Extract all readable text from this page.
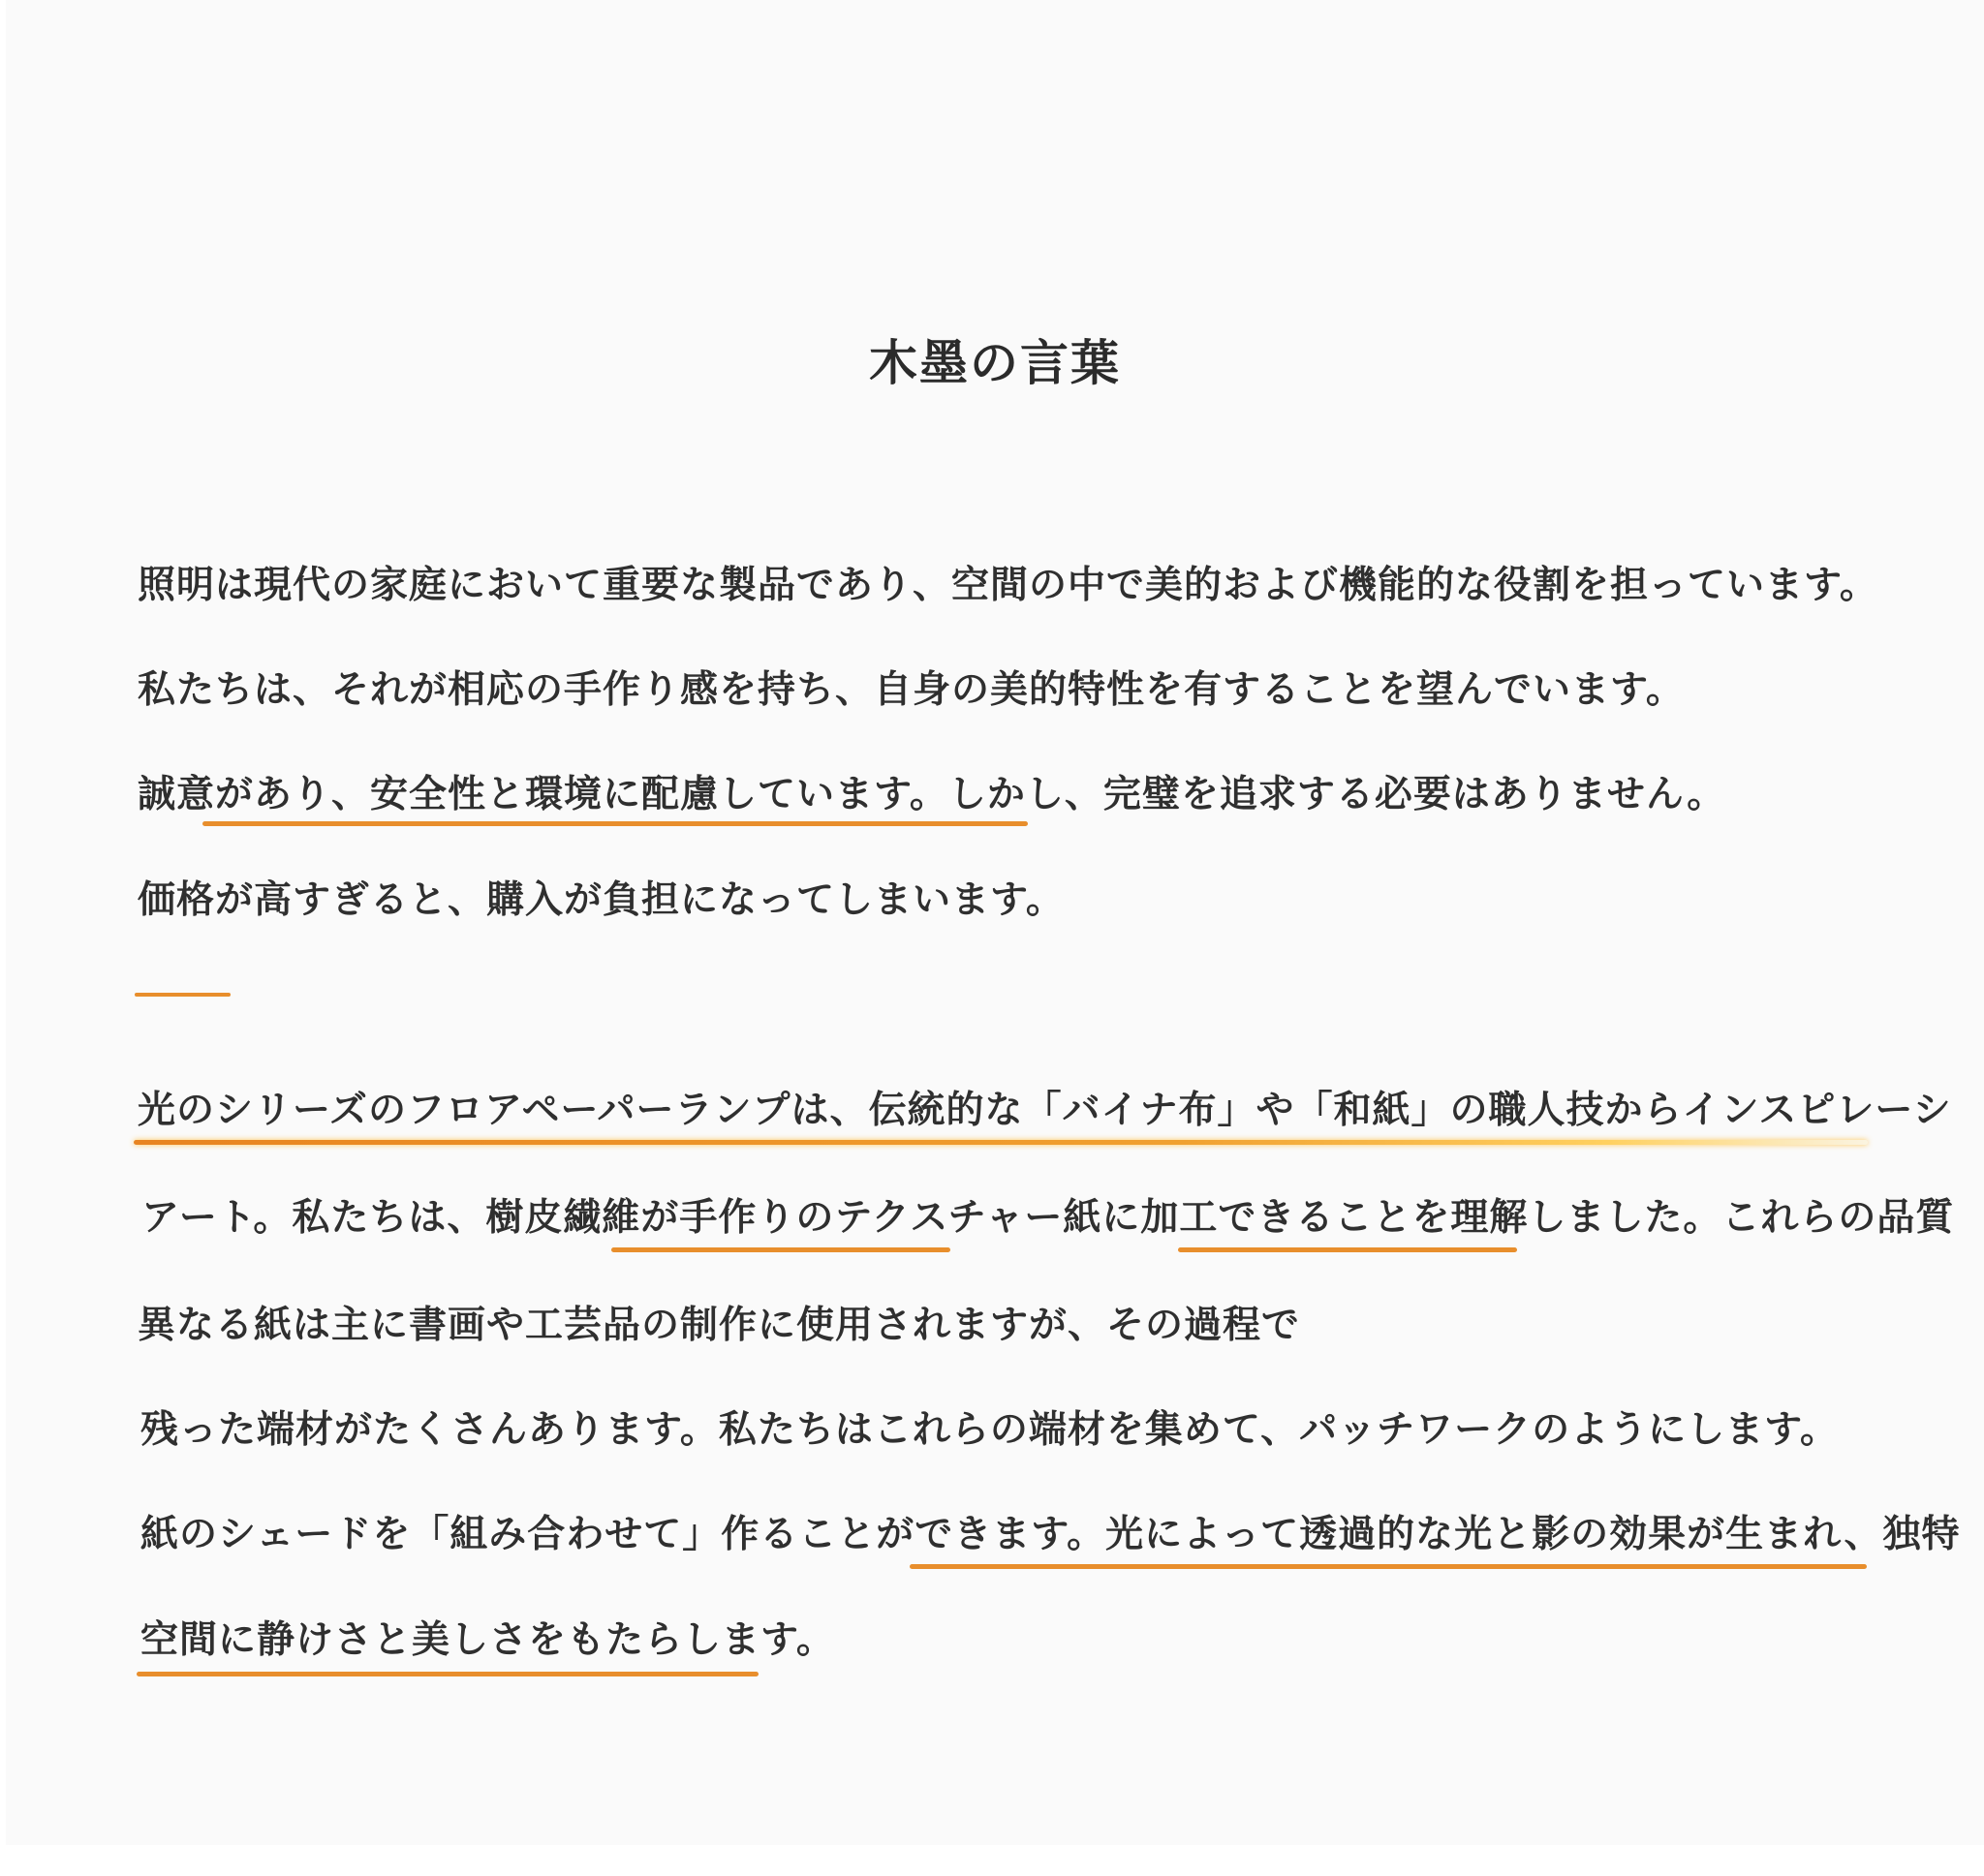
木墨の言葉

照明は現代の家庭において重要な製品であり、空間の中で美的および機能的な役割を担っています。

私たちは、それが相応の手作り感を持ち、自身の美的特性を有することを望んでいます。

誠意があり、安全性と環境に配慮しています。しかし、完璧を追求する必要はありません。

価格が高すぎると、購入が負担になってしまいます。

光のシリーズのフロアペーパーランプは、伝統的な「バイナ布」や「和紙」の職人技からインスピレーシ

アート。私たちは、樹皮繊維が手作りのテクスチャー紙に加工できることを理解しました。これらの品質

異なる紙は主に書画や工芸品の制作に使用されますが、その過程で

残った端材がたくさんあります。私たちはこれらの端材を集めて、パッチワークのようにします。

紙のシェードを「組み合わせて」作ることができます。光によって透過的な光と影の効果が生まれ、独特

空間に静けさと美しさをもたらします。
